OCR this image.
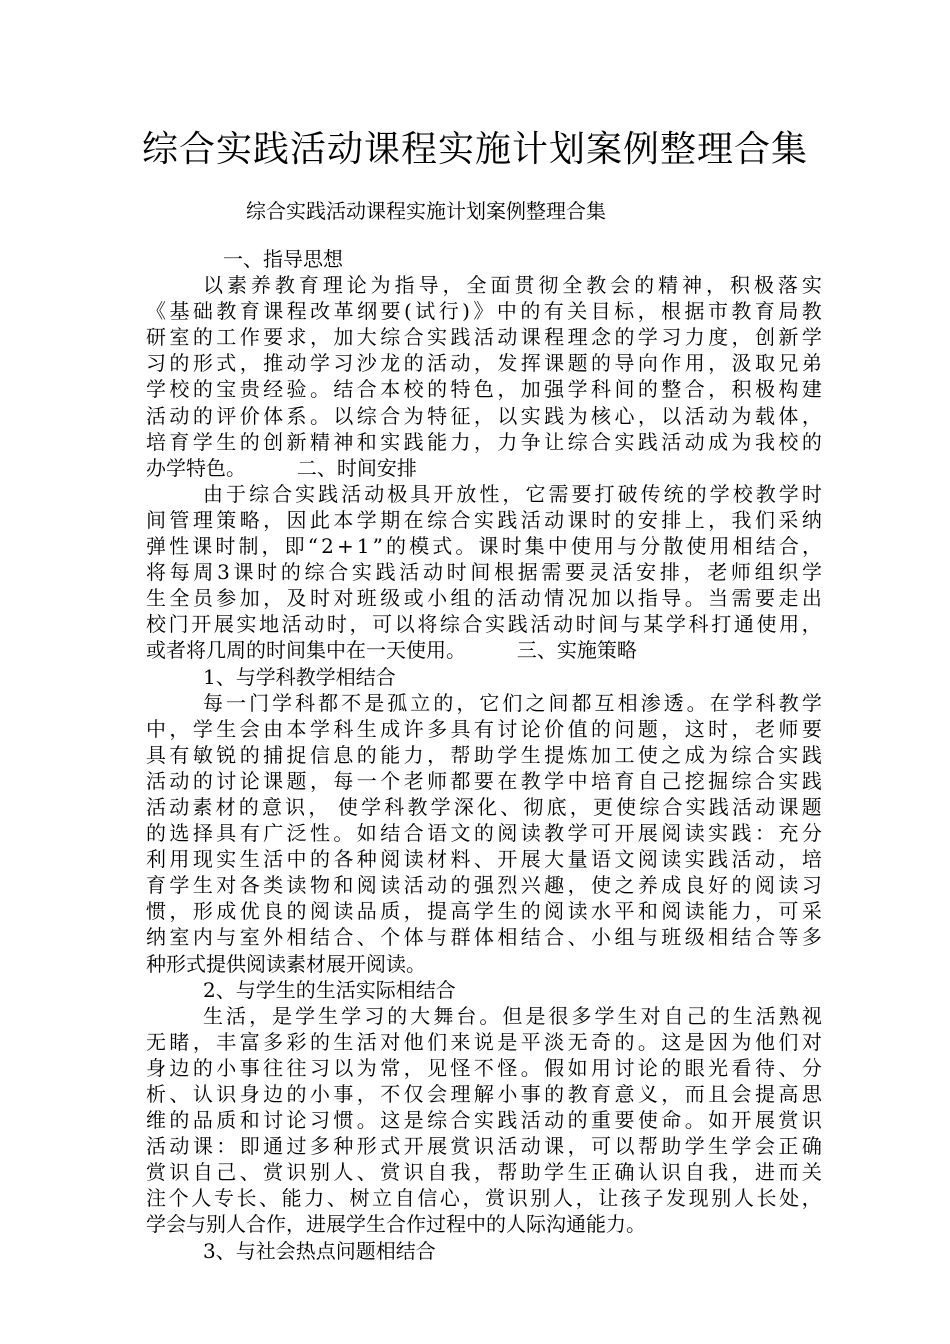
综合实践活动课程实施计划案例整理合集
综合实践活动课程实施计划案例整理合集
一、指导思想
以 素 养 教 育 理 论 为 指 导 ， 全 面 贯 彻 全 教 会 的 精 神 ， 积 极 落 实
《 基 础 教 育 课 程 改 革 纲 要 ( 试 行 ) 》 中 的 有 关 目 标 ， 根 据 市 教 育 局 教
研 室 的 工 作 要 求 ， 加 大 综 合 实 践 活 动 课 程 理 念 的 学 习 力 度 ， 创 新 学
习 的 形 式 ， 推 动 学 习 沙 龙 的 活 动 ， 发 挥 课 题 的 导 向 作 用 ， 汲 取 兄 弟
学 校 的 宝 贵 经 验 。 结 合 本 校 的 特 色 ， 加 强 学 科 间 的 整 合 ， 积 极 构 建
活 动 的 评 价 体 系 。 以 综 合 为 特 征 ， 以 实 践 为 核 心 ， 以 活 动 为 载 体 ，
培 育 学 生 的 创 新 精 神 和 实 践 能 力 ， 力 争 让 综 合 实 践 活 动 成 为 我 校 的
办学特色。        二、时间安排
由 于 综 合 实 践 活 动 极 具 开 放 性 ， 它 需 要 打 破 传 统 的 学 校 教 学 时
间 管 理 策 略 ， 因 此 本 学 期 在 综 合 实 践 活 动 课 时 的 安 排 上 ， 我 们 采 纳
弹 性 课 时 制 ， 即 “ 2 + 1 ” 的 模 式 。 课 时 集 中 使 用 与 分 散 使 用 相 结 合 ，
将 每 周 3 课 时 的 综 合 实 践 活 动 时 间 根 据 需 要 灵 活 安 排 ， 老 师 组 织 学
生 全 员 参 加 ， 及 时 对 班 级 或 小 组 的 活 动 情 况 加 以 指 导 。 当 需 要 走 出
校 门 开 展 实 地 活 动 时 ， 可 以 将 综 合 实 践 活 动 时 间 与 某 学 科 打 通 使 用 ，
或者将几周的时间集中在一天使用。        三、实施策略
1、与学科教学相结合
每 一 门 学 科 都 不 是 孤 立 的 ， 它 们 之 间 都 互 相 渗 透 。 在 学 科 教 学
中 ， 学 生 会 由 本 学 科 生 成 许 多 具 有 讨 论 价 值 的 问 题 ， 这 时 ， 老 师 要
具 有 敏 锐 的 捕 捉 信 息 的 能 力 ， 帮 助 学 生 提 炼 加 工 使 之 成 为 综 合 实 践
活 动 的 讨 论 课 题 ， 每 一 个 老 师 都 要 在 教 学 中 培 育 自 己 挖 掘 综 合 实 践
活 动 素 材 的 意 识 ， 使 学 科 教 学 深 化 、 彻 底 ， 更 使 综 合 实 践 活 动 课 题
的 选 择 具 有 广 泛 性 。 如 结 合 语 文 的 阅 读 教 学 可 开 展 阅 读 实 践 ： 充 分
利 用 现 实 生 活 中 的 各 种 阅 读 材 料 、 开 展 大 量 语 文 阅 读 实 践 活 动 ， 培
育 学 生 对 各 类 读 物 和 阅 读 活 动 的 强 烈 兴 趣 ， 使 之 养 成 良 好 的 阅 读 习
惯 ， 形 成 优 良 的 阅 读 品 质 ， 提 高 学 生 的 阅 读 水 平 和 阅 读 能 力 ， 可 采
纳 室 内 与 室 外 相 结 合 、 个 体 与 群 体 相 结 合 、 小 组 与 班 级 相 结 合 等 多
种形式提供阅读素材展开阅读。
2、与学生的生活实际相结合
生 活 ， 是 学 生 学 习 的 大 舞 台 。 但 是 很 多 学 生 对 自 己 的 生 活 熟 视
无 睹 ， 丰 富 多 彩 的 生 活 对 他 们 来 说 是 平 淡 无 奇 的 。 这 是 因 为 他 们 对
身 边 的 小 事 往 往 习 以 为 常 ， 见 怪 不 怪 。 假 如 用 讨 论 的 眼 光 看 待 、 分
析 、 认 识 身 边 的 小 事 ， 不 仅 会 理 解 小 事 的 教 育 意 义 ， 而 且 会 提 高 思
维 的 品 质 和 讨 论 习 惯 。 这 是 综 合 实 践 活 动 的 重 要 使 命 。 如 开 展 赏 识
活 动 课 ： 即 通 过 多 种 形 式 开 展 赏 识 活 动 课 ， 可 以 帮 助 学 生 学 会 正 确
赏 识 自 己 、 赏 识 别 人 、 赏 识 自 我 ， 帮 助 学 生 正 确 认 识 自 我 ， 进 而 关
注 个 人 专 长 、 能 力 、 树 立 自 信 心 ， 赏 识 别 人 ， 让 孩 子 发 现 别 人 长 处 ，
学会与别人合作，进展学生合作过程中的人际沟通能力。
3、与社会热点问题相结合
